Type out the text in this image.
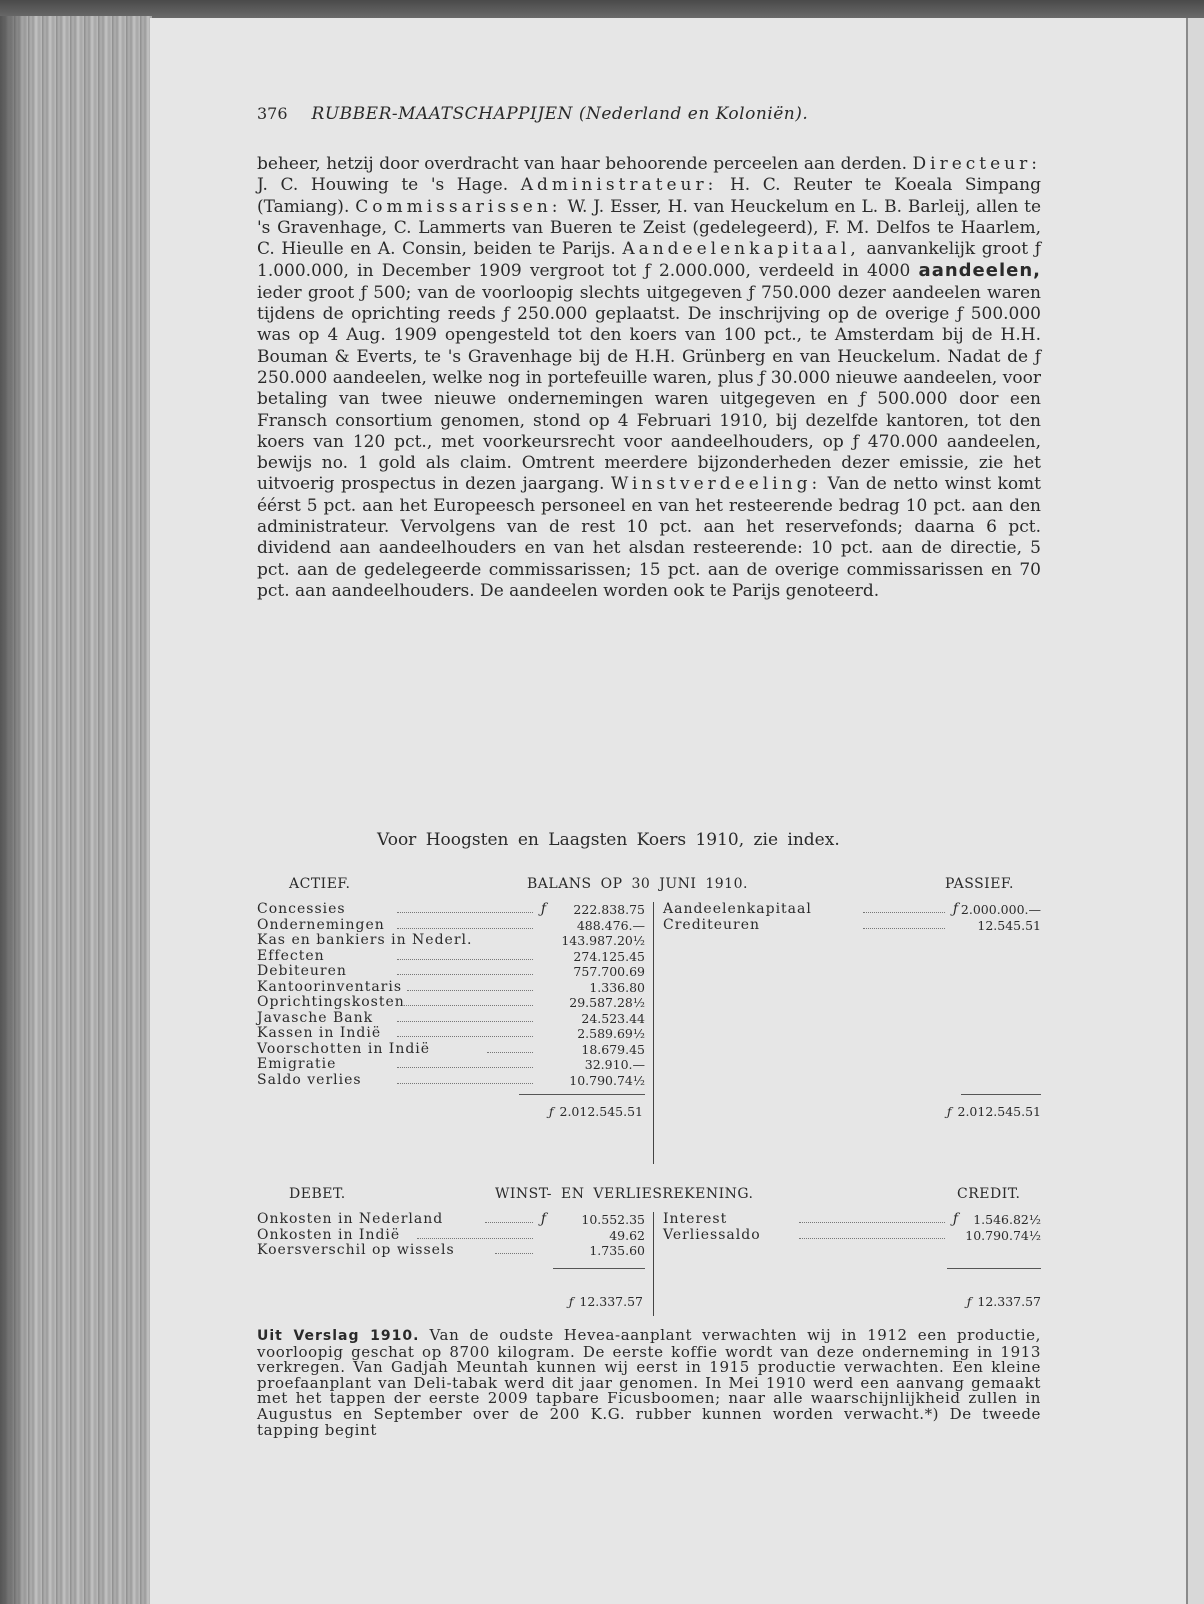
376 RUBBER-MAATSCHAPPIJEN (Nederland en Koloniën).

beheer, hetzij door overdracht van haar behoorende perceelen aan derden. Directeur: J. C. Houwing te 's Hage. Administrateur: H. C. Reuter te Koeala Simpang (Tamiang). Commissarissen: W. J. Esser, H. van Heuckelum en L. B. Barleij, allen te 's Gravenhage, C. Lammerts van Bueren te Zeist (gedelegeerd), F. M. Delfos te Haarlem, C. Hieulle en A. Consin, beiden te Parijs. Aandeelenkapitaal, aanvankelijk groot ƒ 1.000.000, in December 1909 vergroot tot ƒ 2.000.000, verdeeld in 4000 aandeelen, ieder groot ƒ 500; van de voorloopig slechts uitgegeven ƒ 750.000 dezer aandeelen waren tijdens de oprichting reeds ƒ 250.000 geplaatst. De inschrijving op de overige ƒ 500.000 was op 4 Aug. 1909 opengesteld tot den koers van 100 pct., te Amsterdam bij de H.H. Bouman & Everts, te 's Gravenhage bij de H.H. Grünberg en van Heuckelum. Nadat de ƒ 250.000 aandeelen, welke nog in portefeuille waren, plus ƒ 30.000 nieuwe aandeelen, voor betaling van twee nieuwe ondernemingen waren uitgegeven en ƒ 500.000 door een Fransch consortium genomen, stond op 4 Februari 1910, bij dezelfde kantoren, tot den koers van 120 pct., met voorkeursrecht voor aandeelhouders, op ƒ 470.000 aandeelen, bewijs no. 1 gold als claim. Omtrent meerdere bijzonderheden dezer emissie, zie het uitvoerig prospectus in dezen jaargang. Winstverdeeling: Van de netto winst komt éérst 5 pct. aan het Europeesch personeel en van het resteerende bedrag 10 pct. aan den administrateur. Vervolgens van de rest 10 pct. aan het reservefonds; daarna 6 pct. dividend aan aandeelhouders en van het alsdan resteerende: 10 pct. aan de directie, 5 pct. aan de gedelegeerde commissarissen; 15 pct. aan de overige commissarissen en 70 pct. aan aandeelhouders. De aandeelen worden ook te Parijs genoteerd.

Voor Hoogsten en Laagsten Koers 1910, zie index.
ACTIEF.	BALANS OP 30 JUNI 1910.	PASSIEF.
Concessies	ƒ 222.838.75
Ondernemingen	488.476.—
Kas en bankiers in Nederl.	143.987.20½
Effecten	274.125.45
Debiteuren	757.700.69
Kantoorinventaris	1.336.80
Oprichtingskosten	29.587.28½
Javasche Bank	24.523.44
Kassen in Indië	2.589.69½
Voorschotten in Indië	18.679.45
Emigratie	32.910.—
Saldo verlies	10.790.74½
Aandeelenkapitaal	ƒ 2.000.000.—
Crediteuren	12.545.51
ƒ 2.012.545.51	ƒ 2.012.545.51
DEBET.	WINST- EN VERLIESREKENING.	CREDIT.
Onkosten in Nederland	ƒ	10.552.35
Onkosten in Indië	49.62
Koersverschil op wissels	1.735.60
Interest	ƒ 1.546.82½
Verliessaldo	10.790.74½
ƒ 12.337.57	ƒ 12.337.57
Uit Verslag 1910. Van de oudste Hevea-aanplant verwachten wij in 1912 een productie, voorloopig geschat op 8700 kilogram. De eerste koffie wordt van deze onderneming in 1913 verkregen. Van Gadjah Meuntah kunnen wij eerst in 1915 productie verwachten. Een kleine proefaanplant van Deli-tabak werd dit jaar genomen. In Mei 1910 werd een aanvang gemaakt met het tappen der eerste 2009 tapbare Ficusboomen; naar alle waarschijnlijkheid zullen in Augustus en September over de 200 K.G. rubber kunnen worden verwacht.*) De tweede tapping begint
